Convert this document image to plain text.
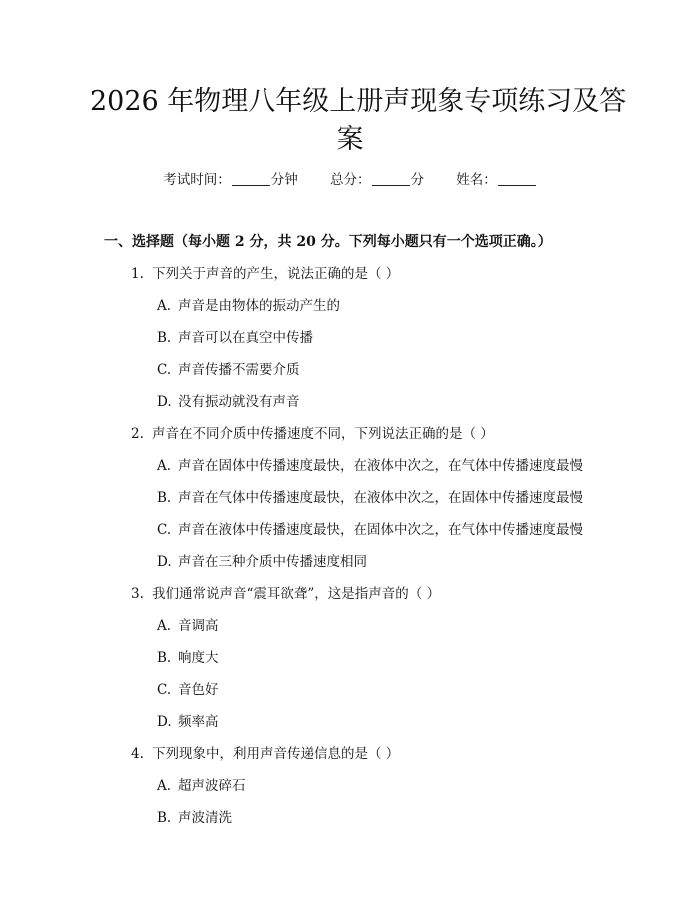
2026 年物理八年级上册声现象专项练习及答
案
考试时间：	分钟 总分：	分 姓名：
一、选择题（每小题 2 分，共 20 分。下列每小题只有一个选项正确。）
1. 下列关于声音的产生，说法正确的是（ ）
A. 声音是由物体的振动产生的
B. 声音可以在真空中传播
C. 声音传播不需要介质
D. 没有振动就没有声音
2. 声音在不同介质中传播速度不同，下列说法正确的是（ ）
A. 声音在固体中传播速度最快，在液体中次之，在气体中传播速度最慢
B. 声音在气体中传播速度最快，在液体中次之，在固体中传播速度最慢
C. 声音在液体中传播速度最快，在固体中次之，在气体中传播速度最慢
D. 声音在三种介质中传播速度相同
3. 我们通常说声音“震耳欲聋”，这是指声音的（ ）
A. 音调高
B. 响度大
C. 音色好
D. 频率高
4. 下列现象中，利用声音传递信息的是（ ）
A. 超声波碎石
B. 声波清洗
